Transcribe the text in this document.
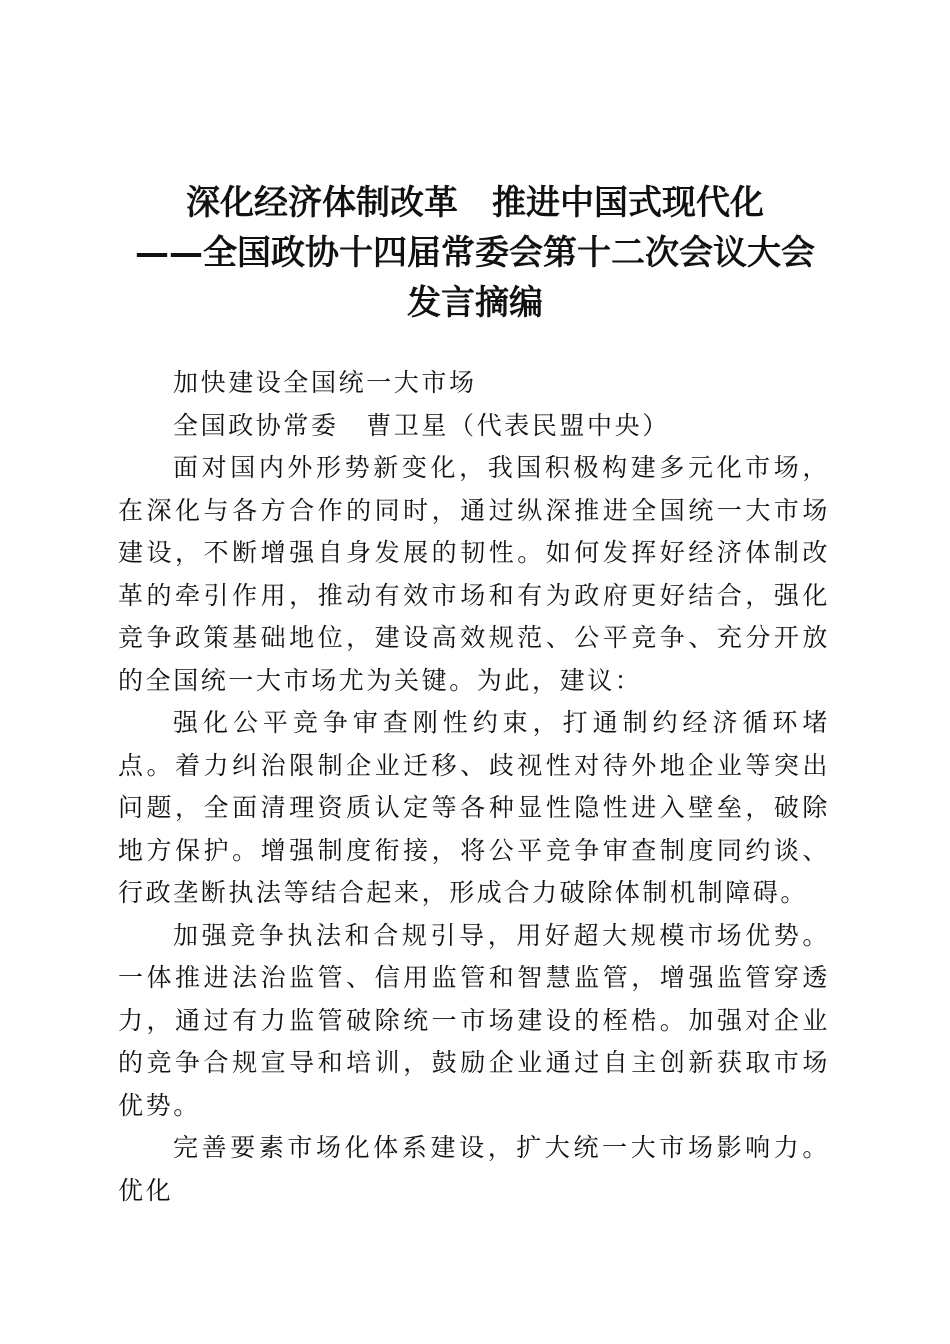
深化经济体制改革　推进中国式现代化
——全国政协十四届常委会第十二次会议大会
发言摘编

加快建设全国统一大市场

全国政协常委　曹卫星（代表民盟中央）

面对国内外形势新变化，我国积极构建多元化市场，在深化与各方合作的同时，通过纵深推进全国统一大市场建设，不断增强自身发展的韧性。如何发挥好经济体制改革的牵引作用，推动有效市场和有为政府更好结合，强化竞争政策基础地位，建设高效规范、公平竞争、充分开放的全国统一大市场尤为关键。为此，建议：

强化公平竞争审查刚性约束，打通制约经济循环堵点。着力纠治限制企业迁移、歧视性对待外地企业等突出问题，全面清理资质认定等各种显性隐性进入壁垒，破除地方保护。增强制度衔接，将公平竞争审查制度同约谈、行政垄断执法等结合起来，形成合力破除体制机制障碍。

加强竞争执法和合规引导，用好超大规模市场优势。一体推进法治监管、信用监管和智慧监管，增强监管穿透力，通过有力监管破除统一市场建设的桎梏。加强对企业的竞争合规宣导和培训，鼓励企业通过自主创新获取市场优势。

完善要素市场化体系建设，扩大统一大市场影响力。优化
